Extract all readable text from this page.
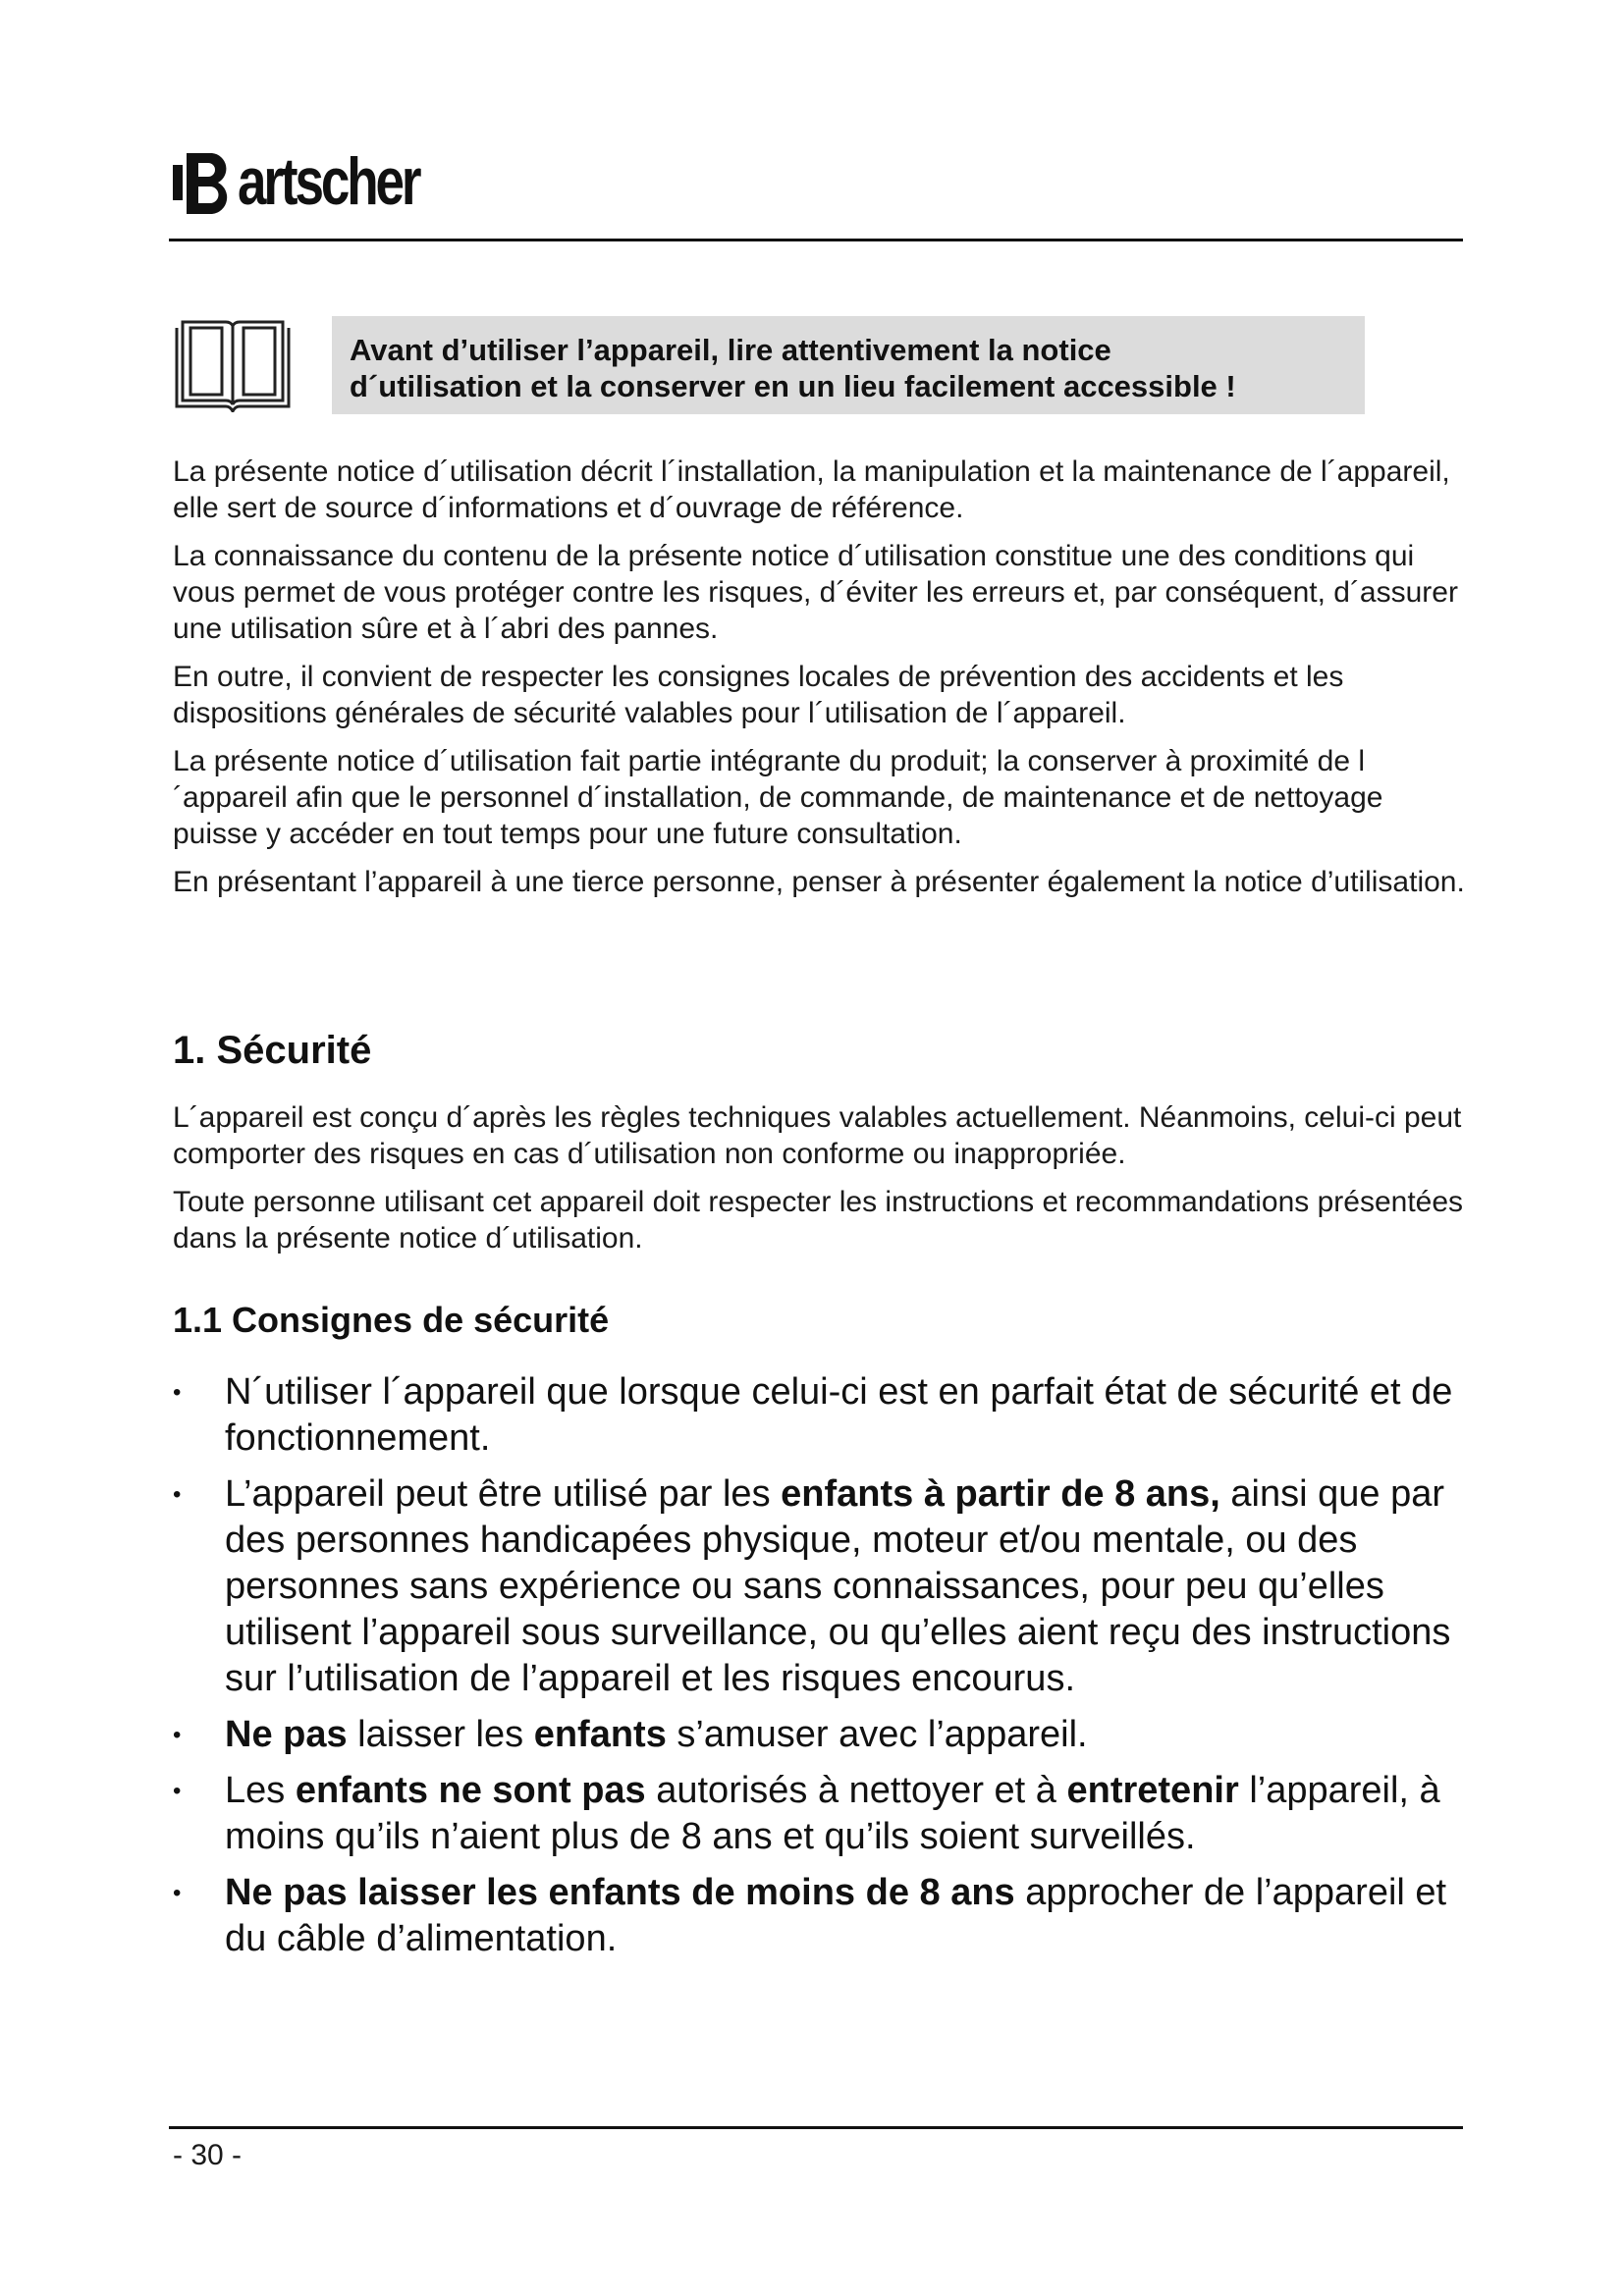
artscher
Avant d’utiliser l’appareil, lire attentivement la notice
d´utilisation et la conserver en un lieu facilement accessible !

La présente notice d´utilisation décrit l´installation, la manipulation et la maintenance de l´appareil, elle sert de source d´informations et d´ouvrage de référence.

La connaissance du contenu de la présente notice d´utilisation constitue une des conditions qui vous permet de vous protéger contre les risques, d´éviter les erreurs et, par conséquent, d´assurer une utilisation sûre et à l´abri des pannes.

En outre, il convient de respecter les consignes locales de prévention des accidents et les dispositions générales de sécurité valables pour l´utilisation de l´appareil.

La présente notice d´utilisation fait partie intégrante du produit; la conserver à proximité de l´appareil afin que le personnel d´installation, de commande, de maintenance et de nettoyage puisse y accéder en tout temps pour une future consultation.

En présentant l’appareil à une tierce personne, penser à présenter également la notice d’utilisation.

1. Sécurité

L´appareil est conçu d´après les règles techniques valables actuellement. Néanmoins, celui-ci peut comporter des risques en cas d´utilisation non conforme ou inappropriée.

Toute personne utilisant cet appareil doit respecter les instructions et recommandations présentées dans la présente notice d´utilisation.

1.1 Consignes de sécurité
• N´utiliser l´appareil que lorsque celui-ci est en parfait état de sécurité et de fonctionnement.
• L’appareil peut être utilisé par les enfants à partir de 8 ans, ainsi que par des personnes handicapées physique, moteur et/ou mentale, ou des personnes sans expérience ou sans connaissances, pour peu qu’elles utilisent l’appareil sous surveillance, ou qu’elles aient reçu des instructions sur l’utilisation de l’appareil et les risques encourus.
• Ne pas laisser les enfants s’amuser avec l’appareil.
• Les enfants ne sont pas autorisés à nettoyer et à entretenir l’appareil, à moins qu’ils n’aient plus de 8 ans et qu’ils soient surveillés.
• Ne pas laisser les enfants de moins de 8 ans approcher de l’appareil et du câble d’alimentation.
- 30 -
